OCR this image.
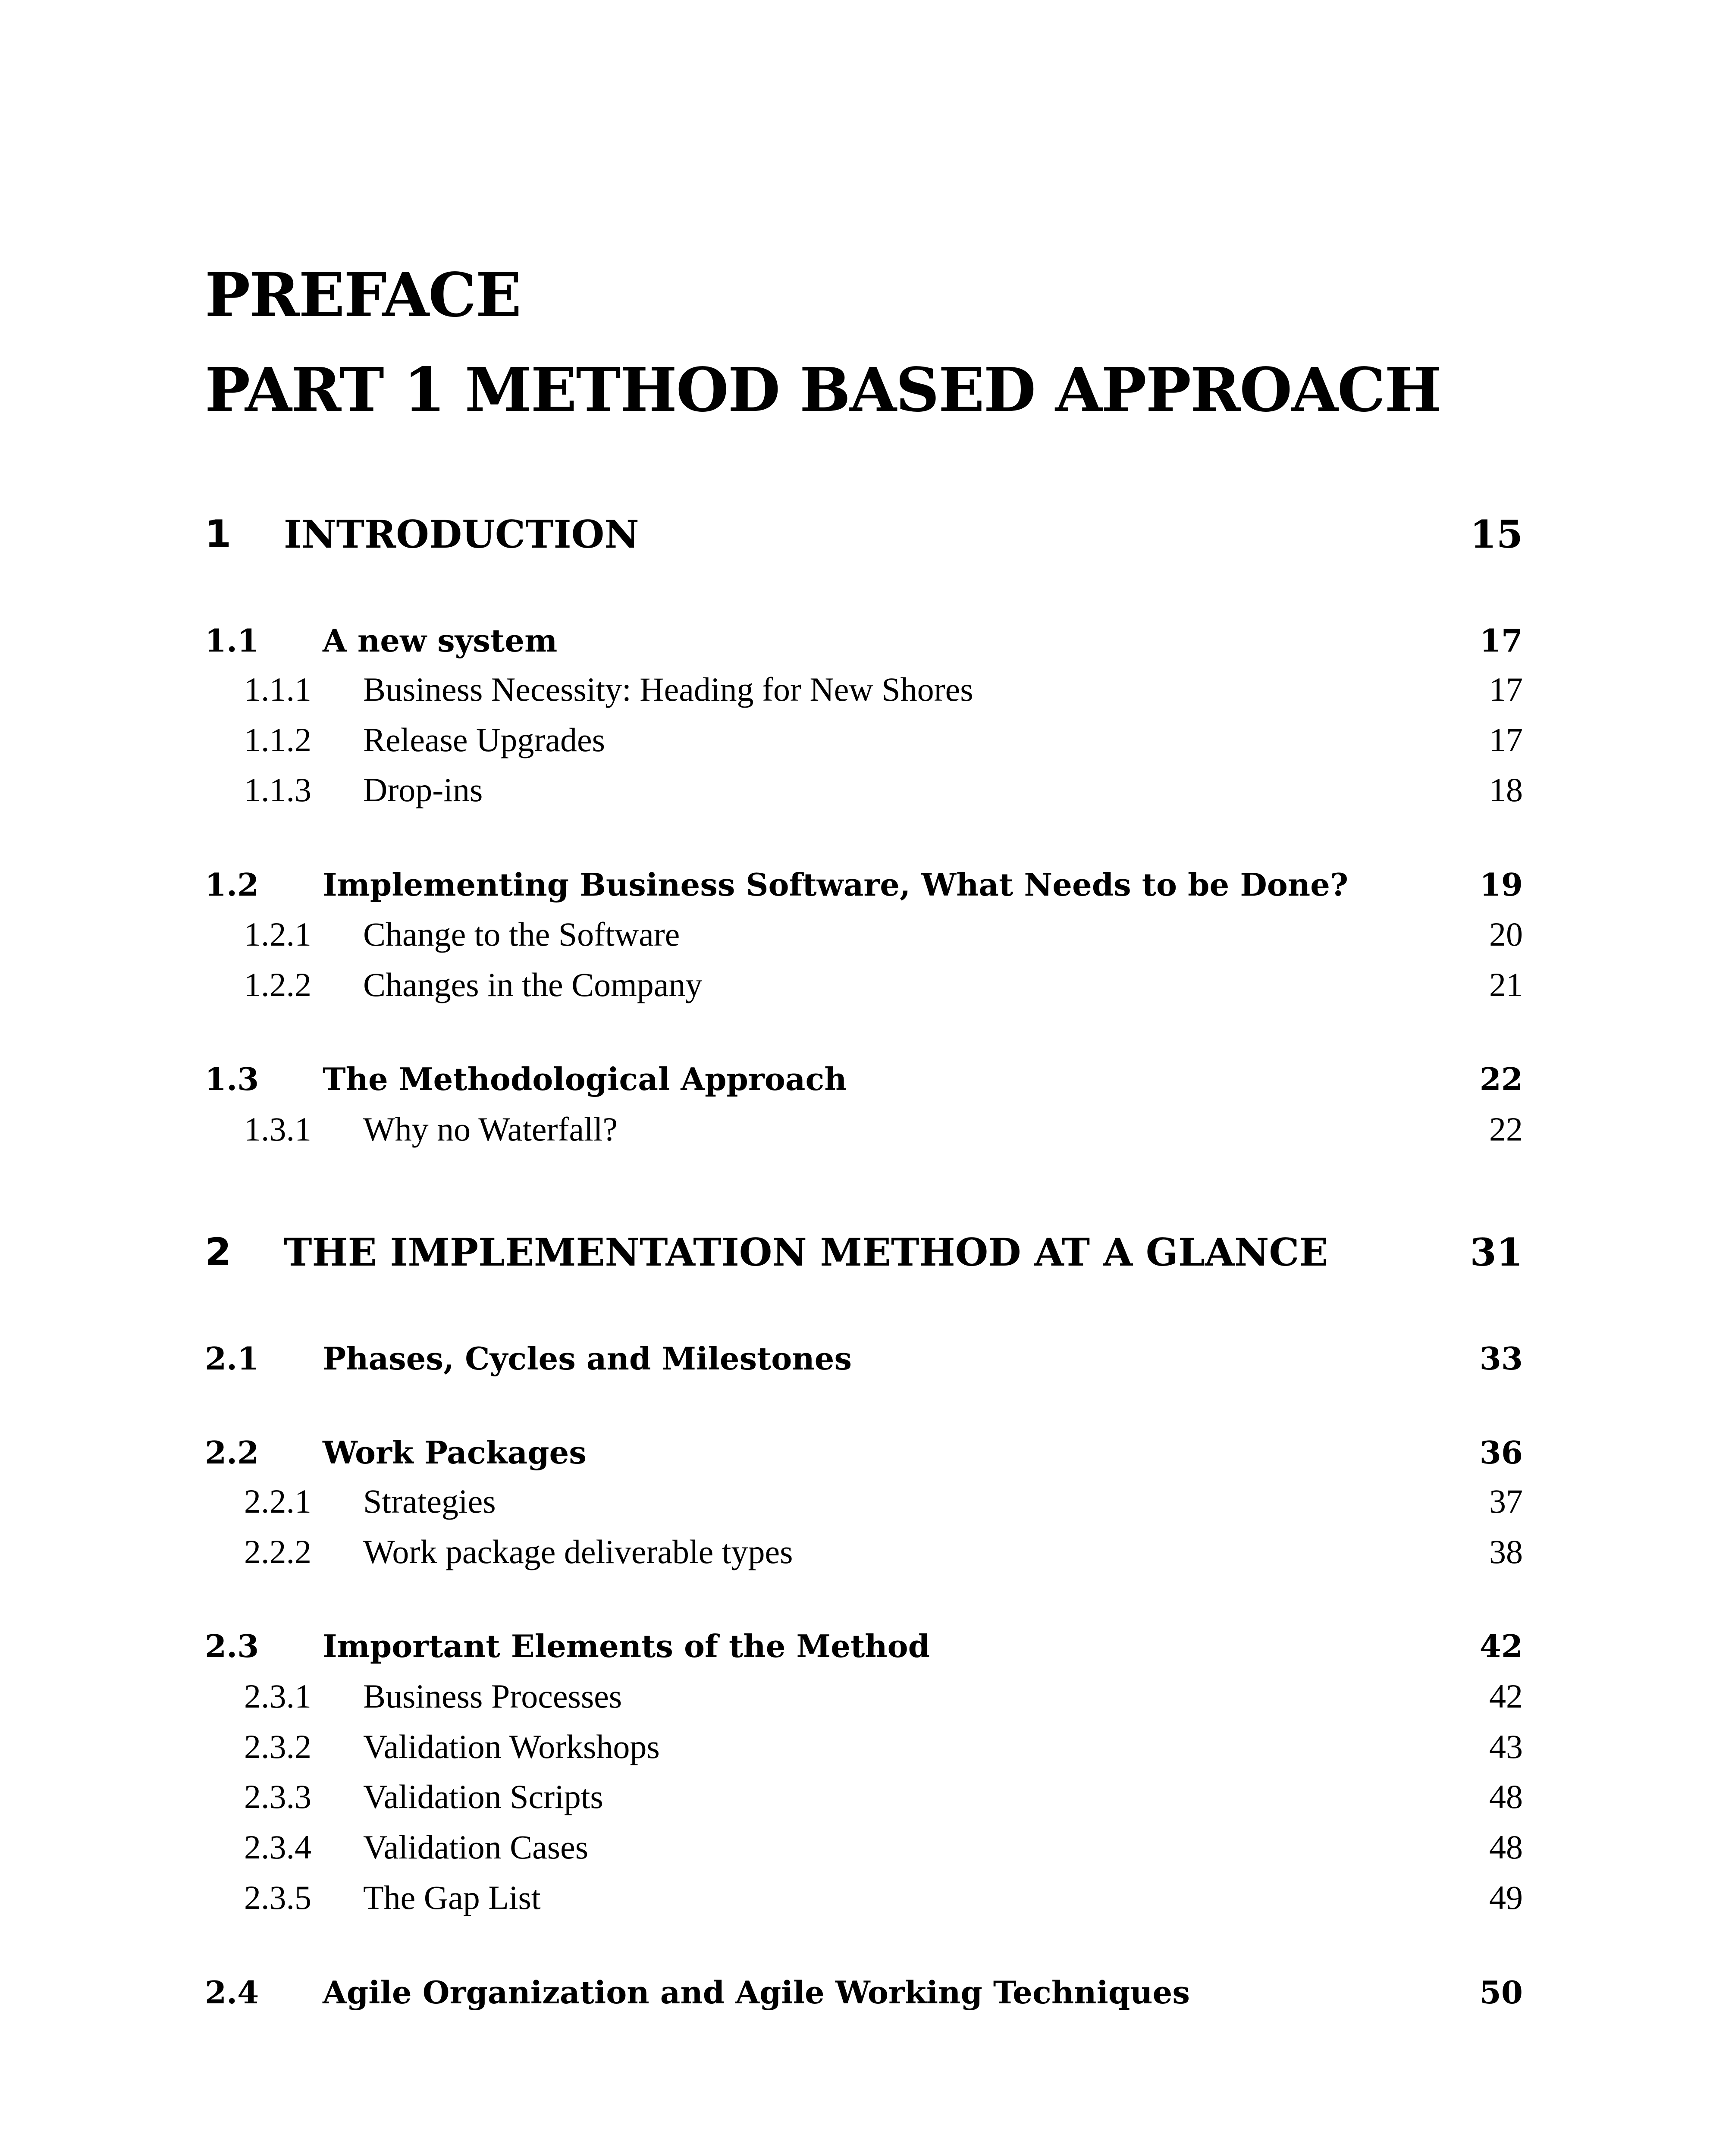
PREFACE
PART 1 METHOD BASED APPROACH
1 INTRODUCTION	15
1.1 A new system	17
1.1.1 Business Necessity: Heading for New Shores	17
1.1.2 Release Upgrades	17
1.1.3 Drop-ins	18
1.2 Implementing Business Software, What Needs to be Done?	19
1.2.1 Change to the Software	20
1.2.2 Changes in the Company	21
1.3 The Methodological Approach	22
1.3.1 Why no Waterfall?	22
2 THE IMPLEMENTATION METHOD AT A GLANCE	31
2.1 Phases, Cycles and Milestones	33
2.2 Work Packages	36
2.2.1 Strategies	37
2.2.2 Work package deliverable types	38
2.3 Important Elements of the Method	42
2.3.1 Business Processes	42
2.3.2 Validation Workshops	43
2.3.3 Validation Scripts	48
2.3.4 Validation Cases	48
2.3.5 The Gap List	49
2.4 Agile Organization and Agile Working Techniques	50
